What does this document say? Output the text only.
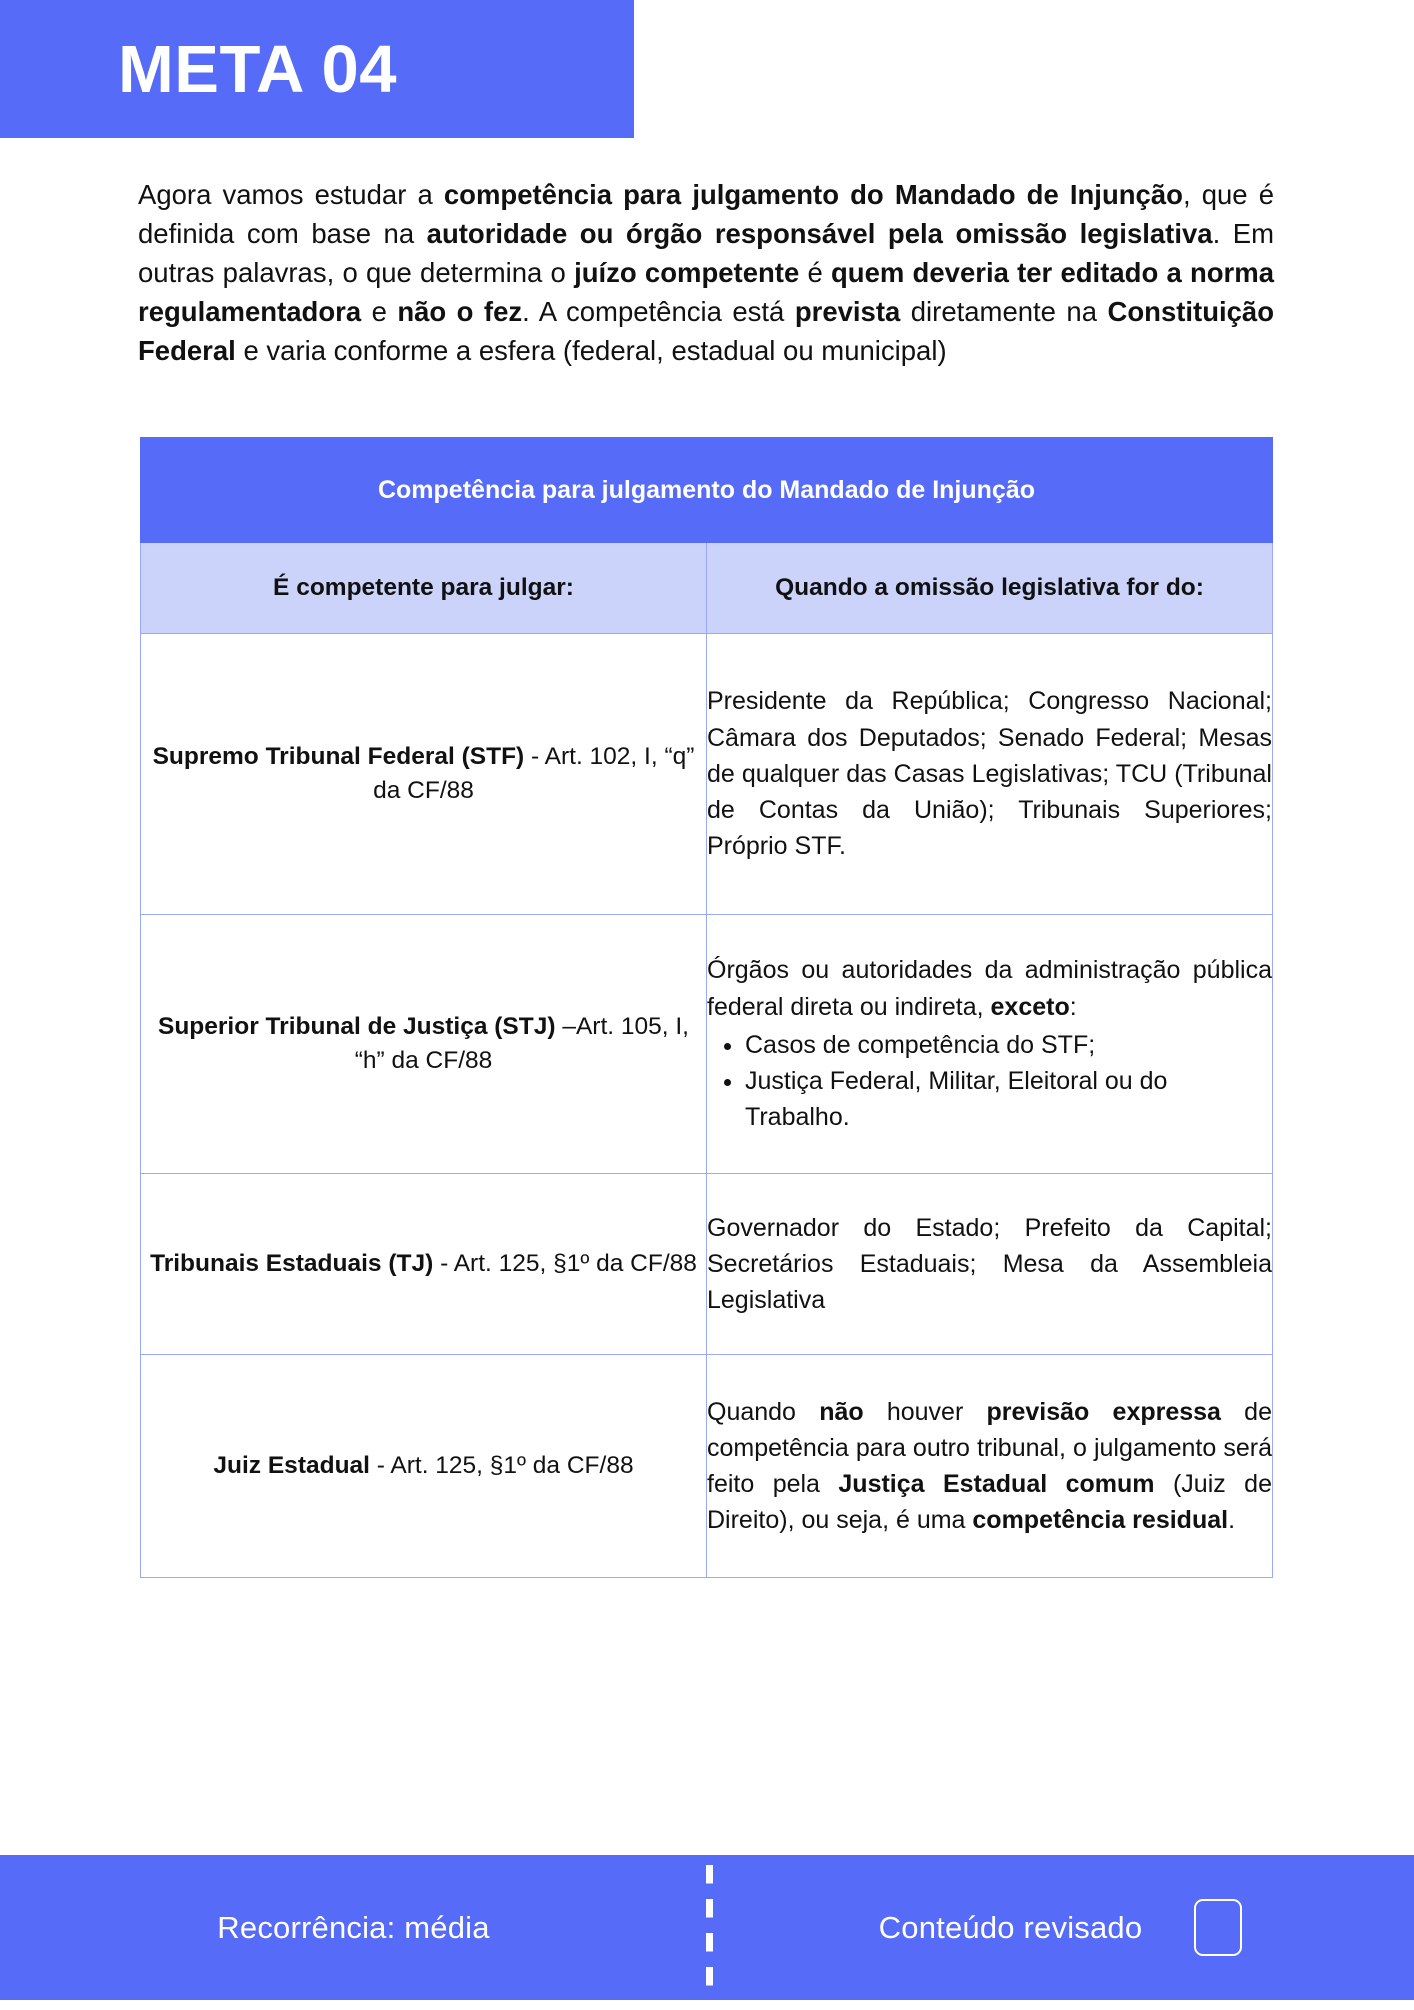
META 04

Agora vamos estudar a competência para julgamento do Mandado de Injunção, que é definida com base na autoridade ou órgão responsável pela omissão legislativa. Em outras palavras, o que determina o juízo competente é quem deveria ter editado a norma regulamentadora e não o fez. A competência está prevista diretamente na Constituição Federal e varia conforme a esfera (federal, estadual ou municipal)

Competência para julgamento do Mandado de Injunção	
É competente para julgar:	Quando a omissão legislativa for do:
Supremo Tribunal Federal (STF) - Art. 102, I, “q” da CF/88	Presidente da República; Congresso Nacional; Câmara dos Deputados; Senado Federal; Mesas de qualquer das Casas Legislativas; TCU (Tribunal de Contas da União); Tribunais Superiores; Próprio STF.
Superior Tribunal de Justiça (STJ) –Art. 105, I, “h” da CF/88	Órgãos ou autoridades da administração pública federal direta ou indireta, exceto:
• Casos de competência do STF;
• Justiça Federal, Militar, Eleitoral ou do Trabalho.

Tribunais Estaduais (TJ) - Art. 125, §1º da CF/88	Governador do Estado; Prefeito da Capital; Secretários Estaduais; Mesa da Assembleia Legislativa
Juiz Estadual - Art. 125, §1º da CF/88	Quando não houver previsão expressa de competência para outro tribunal, o julgamento será feito pela Justiça Estadual comum (Juiz de Direito), ou seja, é uma competência residual.
Recorrência: média	Conteúdo revisado
